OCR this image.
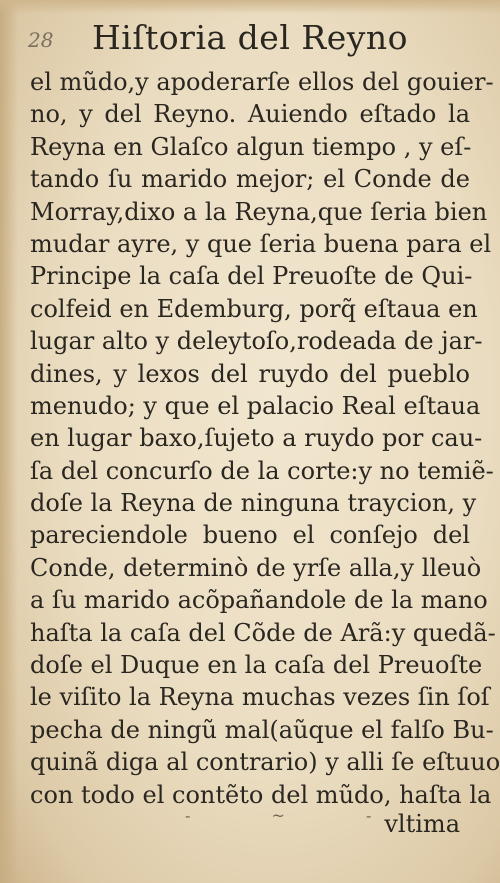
28 Hiſtoria del Reyno
el mũdo,y apoderarſe ellos del gouier-
no, y del Reyno. Auiendo eſtado la
Reyna en Glaſco algun tiempo , y eſ-
tando ſu marido mejor; el Conde de
Morray,dixo a la Reyna,que ſeria bien
mudar ayre, y que ſeria buena para el
Principe la caſa del Preuoſte de Qui-
colfeid en Edemburg, porq̃ eſtaua en
lugar alto y deleytoſo,rodeada de jar-
dines, y lexos del ruydo del pueblo
menudo; y que el palacio Real eſtaua
en lugar baxo,ſujeto a ruydo por cau-
ſa del concurſo de la corte:y no temiẽ-
doſe la Reyna de ninguna traycion, y
pareciendole bueno el conſejo del
Conde, determinò de yrſe alla,y lleuò
a ſu marido acõpañandole de la mano
haſta la caſa del Cõde de Arã:y quedã-
doſe el Duque en la caſa del Preuoſte
le viſito la Reyna muchas vezes ſin ſoſ
pecha de ningũ mal(aũque el falſo Bu-
quinã diga al contrario) y alli ſe eſtuuo
con todo el contẽto del mũdo, haſta la
- ~ -
vltima
